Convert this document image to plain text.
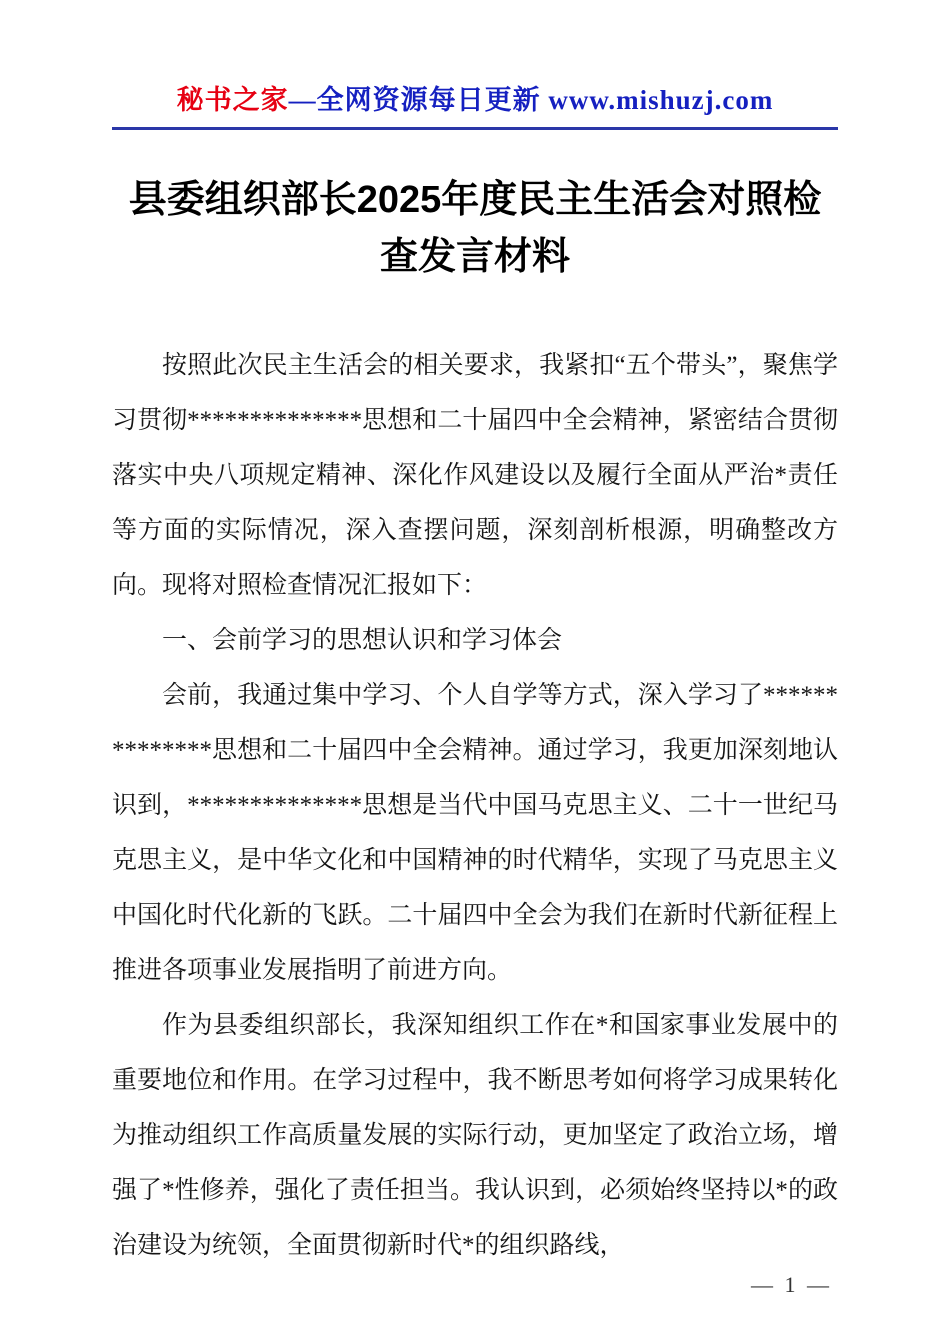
秘书之家—全网资源每日更新 www.mishuzj.com
县委组织部长2025年度民主生活会对照检查发言材料

按照此次民主生活会的相关要求，我紧扣“五个带头”，聚焦学习贯彻**************思想和二十届四中全会精神，紧密结合贯彻落实中央八项规定精神、深化作风建设以及履行全面从严治*责任等方面的实际情况，深入查摆问题，深刻剖析根源，明确整改方向。现将对照检查情况汇报如下：

一、会前学习的思想认识和学习体会

会前，我通过集中学习、个人自学等方式，深入学习了**************思想和二十届四中全会精神。通过学习，我更加深刻地认识到，**************思想是当代中国马克思主义、二十一世纪马克思主义，是中华文化和中国精神的时代精华，实现了马克思主义中国化时代化新的飞跃。二十届四中全会为我们在新时代新征程上推进各项事业发展指明了前进方向。

作为县委组织部长，我深知组织工作在*和国家事业发展中的重要地位和作用。在学习过程中，我不断思考如何将学习成果转化为推动组织工作高质量发展的实际行动，更加坚定了政治立场，增强了*性修养，强化了责任担当。我认识到，必须始终坚持以*的政治建设为统领，全面贯彻新时代*的组织路线，

— 1 —
